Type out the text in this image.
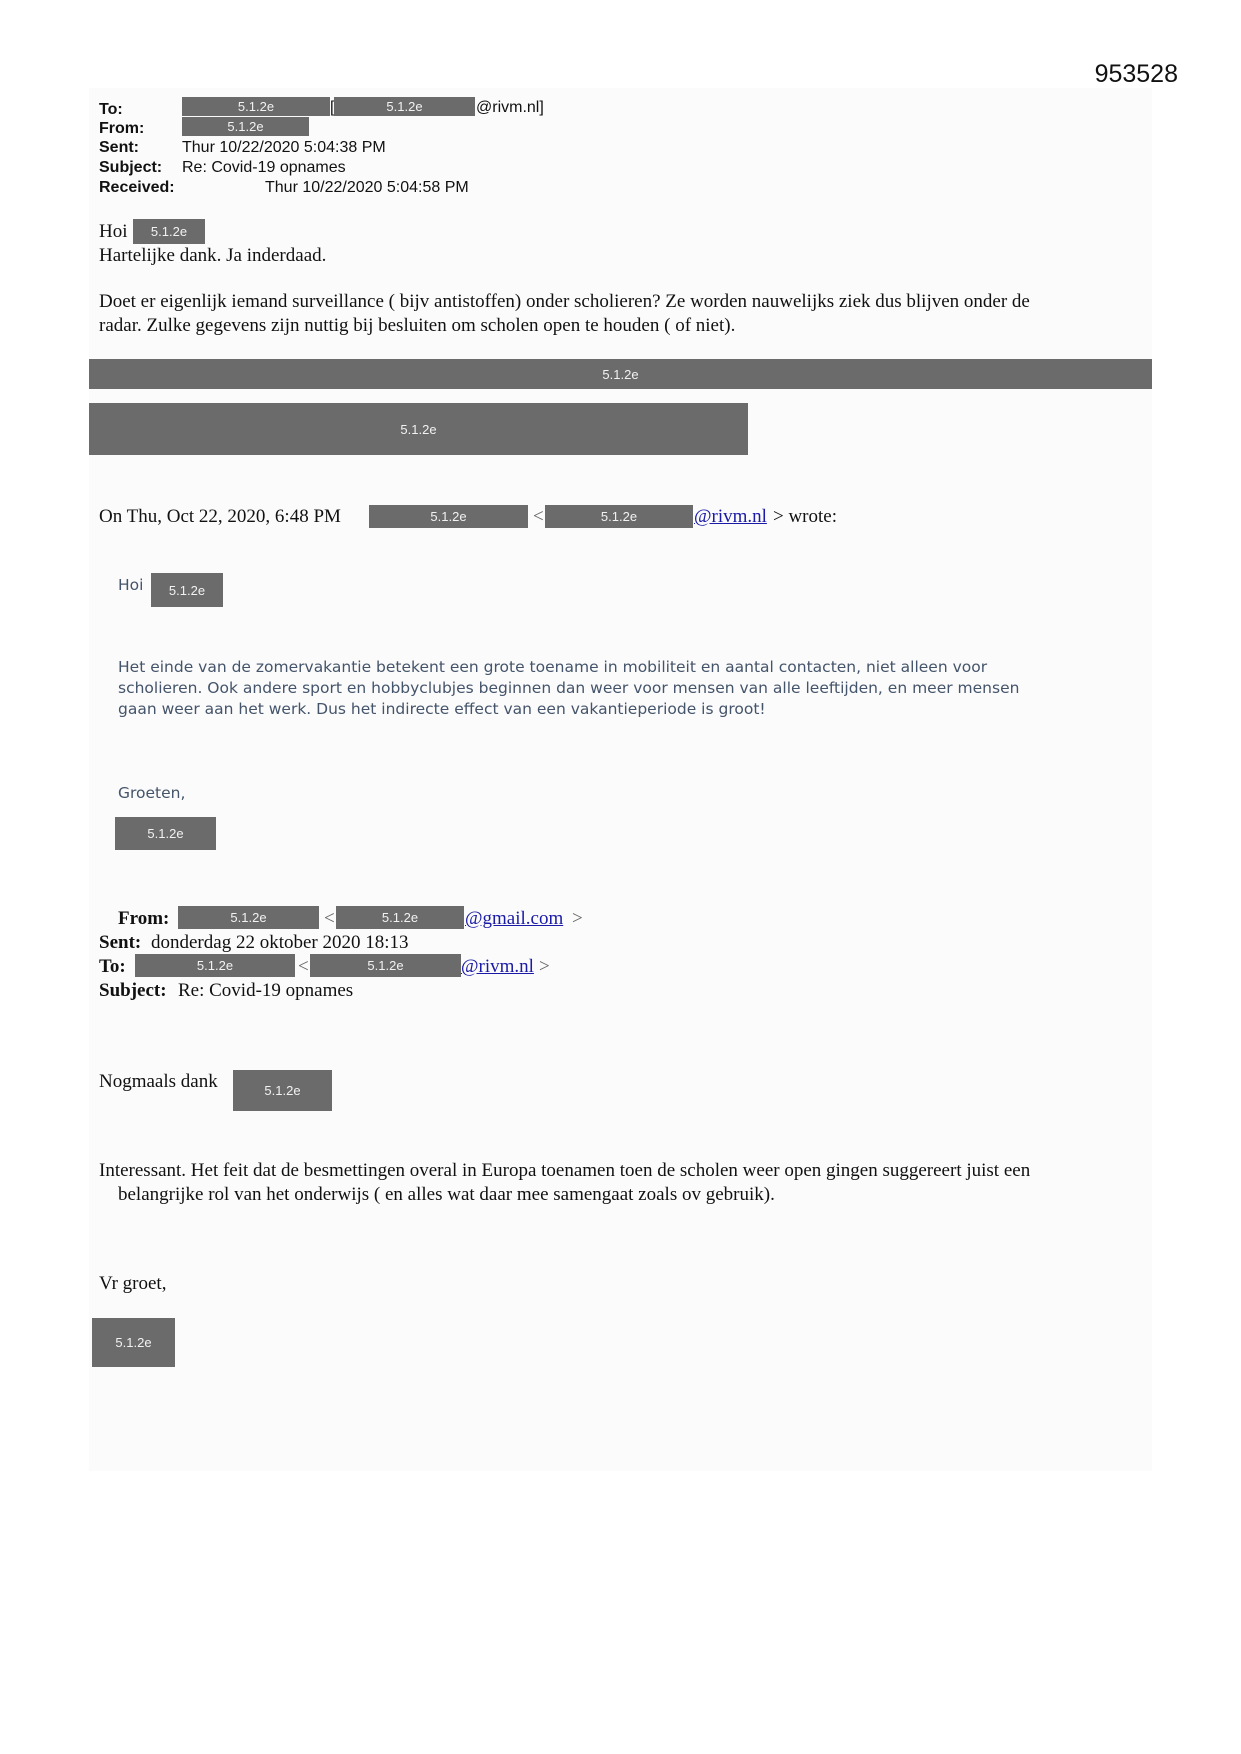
953528
To:	5.1.2e	[	5.1.2e	@rivm.nl]
From:	5.1.2e
Sent:	Thur 10/22/2020 5:04:38 PM
Subject: Re: Covid-19 opnames
Received:	Thur 10/22/2020 5:04:58 PM
Hoi	5.1.2e
Hartelijke dank. Ja inderdaad.
Doet er eigenlijk iemand surveillance ( bijv antistoffen) onder scholieren? Ze worden nauwelijks ziek dus blijven onder de
radar. Zulke gegevens zijn nuttig bij besluiten om scholen open te houden ( of niet).
5.1.2e
5.1.2e
On Thu, Oct 22, 2020, 6:48 PM	5.1.2e	<	5.1.2e	@rivm.nl > wrote:
Hoi	5.1.2e
Het einde van de zomervakantie betekent een grote toename in mobiliteit en aantal contacten, niet alleen voor
scholieren. Ook andere sport en hobbyclubjes beginnen dan weer voor mensen van alle leeftijden, en meer mensen
gaan weer aan het werk. Dus het indirecte effect van een vakantieperiode is groot!
Groeten,
5.1.2e
From:	5.1.2e	<	5.1.2e	@gmail.com >
Sent: donderdag 22 oktober 2020 18:13
To:	5.1.2e	<	5.1.2e	@rivm.nl >
Subject: Re: Covid-19 opnames
Nogmaals dank	5.1.2e
Interessant. Het feit dat de besmettingen overal in Europa toenamen toen de scholen weer open gingen suggereert juist een
belangrijke rol van het onderwijs ( en alles wat daar mee samengaat zoals ov gebruik).
Vr groet,
5.1.2e
